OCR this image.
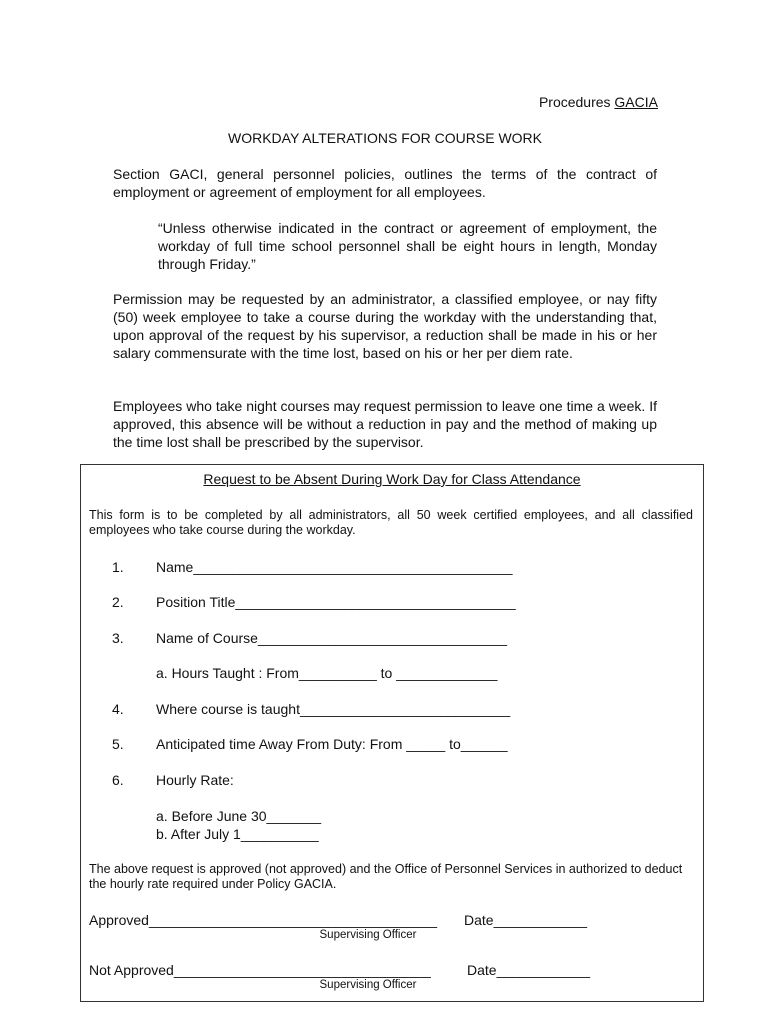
Procedures GACIA
WORKDAY ALTERATIONS FOR COURSE WORK
Section GACI, general personnel policies, outlines the terms of the contract of employment or agreement of employment for all employees.
“Unless otherwise indicated in the contract or agreement of employment, the workday of full time school personnel shall be eight hours in length, Monday through Friday.”
Permission may be requested by an administrator, a classified employee, or nay fifty (50) week employee to take a course during the workday with the understanding that, upon approval of the request by his supervisor, a reduction shall be made in his or her salary commensurate with the time lost, based on his or her per diem rate.
Employees who take night courses may request permission to leave one time a week. If approved, this absence will be without a reduction in pay and the method of making up the time lost shall be prescribed by the supervisor.
Request to be Absent During Work Day for Class Attendance
This form is to be completed by all administrators, all 50 week certified employees, and all classified employees who take course during the workday.
1. Name_________________________________________
2. Position Title____________________________________
3. Name of Course________________________________
a. Hours Taught : From__________ to _____________
4. Where course is taught___________________________
5. Anticipated time Away From Duty: From _____ to______
6. Hourly Rate:
a. Before June 30_______
b. After July 1__________
The above request is approved (not approved) and the Office of Personnel Services in authorized to deduct the hourly rate required under Policy GACIA.
Approved_____________________________________ Date____________
Supervising Officer
Not Approved_________________________________	Date____________
Supervising Officer
